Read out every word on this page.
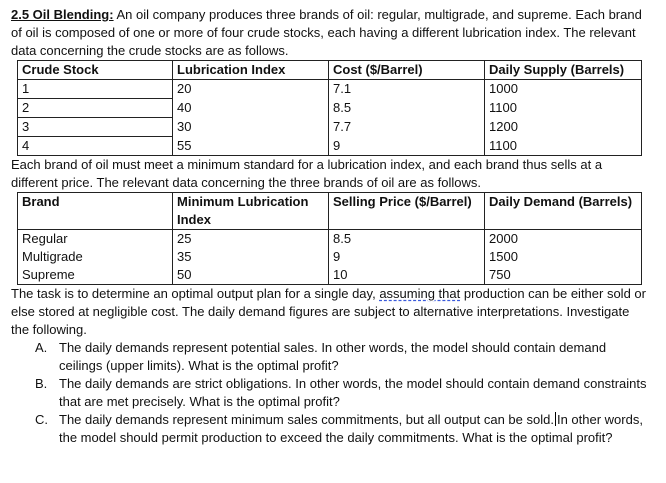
2.5 Oil Blending: An oil company produces three brands of oil: regular, multigrade, and supreme. Each brand of oil is composed of one or more of four crude stocks, each having a different lubrication index. The relevant data concerning the crude stocks are as follows.

Crude Stock	Lubrication Index	Cost ($/Barrel)	Daily Supply (Barrels)
1	20	7.1	1000
2	40	8.5	1100
3	30	7.7	1200
4	55	9	1100

Each brand of oil must meet a minimum standard for a lubrication index, and each brand thus sells at a different price. The relevant data concerning the three brands of oil are as follows.

Brand	Minimum Lubrication Index	Selling Price ($/Barrel)	Daily Demand (Barrels)
Regular	25	8.5	2000
Multigrade	35	9	1500
Supreme	50	10	750

The task is to determine an optimal output plan for a single day, assuming that production can be either sold or else stored at negligible cost. The daily demand figures are subject to alternative interpretations. Investigate the following.

A. The daily demands represent potential sales. In other words, the model should contain demand ceilings (upper limits). What is the optimal profit?
B. The daily demands are strict obligations. In other words, the model should contain demand constraints that are met precisely. What is the optimal profit?
C. The daily demands represent minimum sales commitments, but all output can be sold. In other words, the model should permit production to exceed the daily commitments. What is the optimal profit?
